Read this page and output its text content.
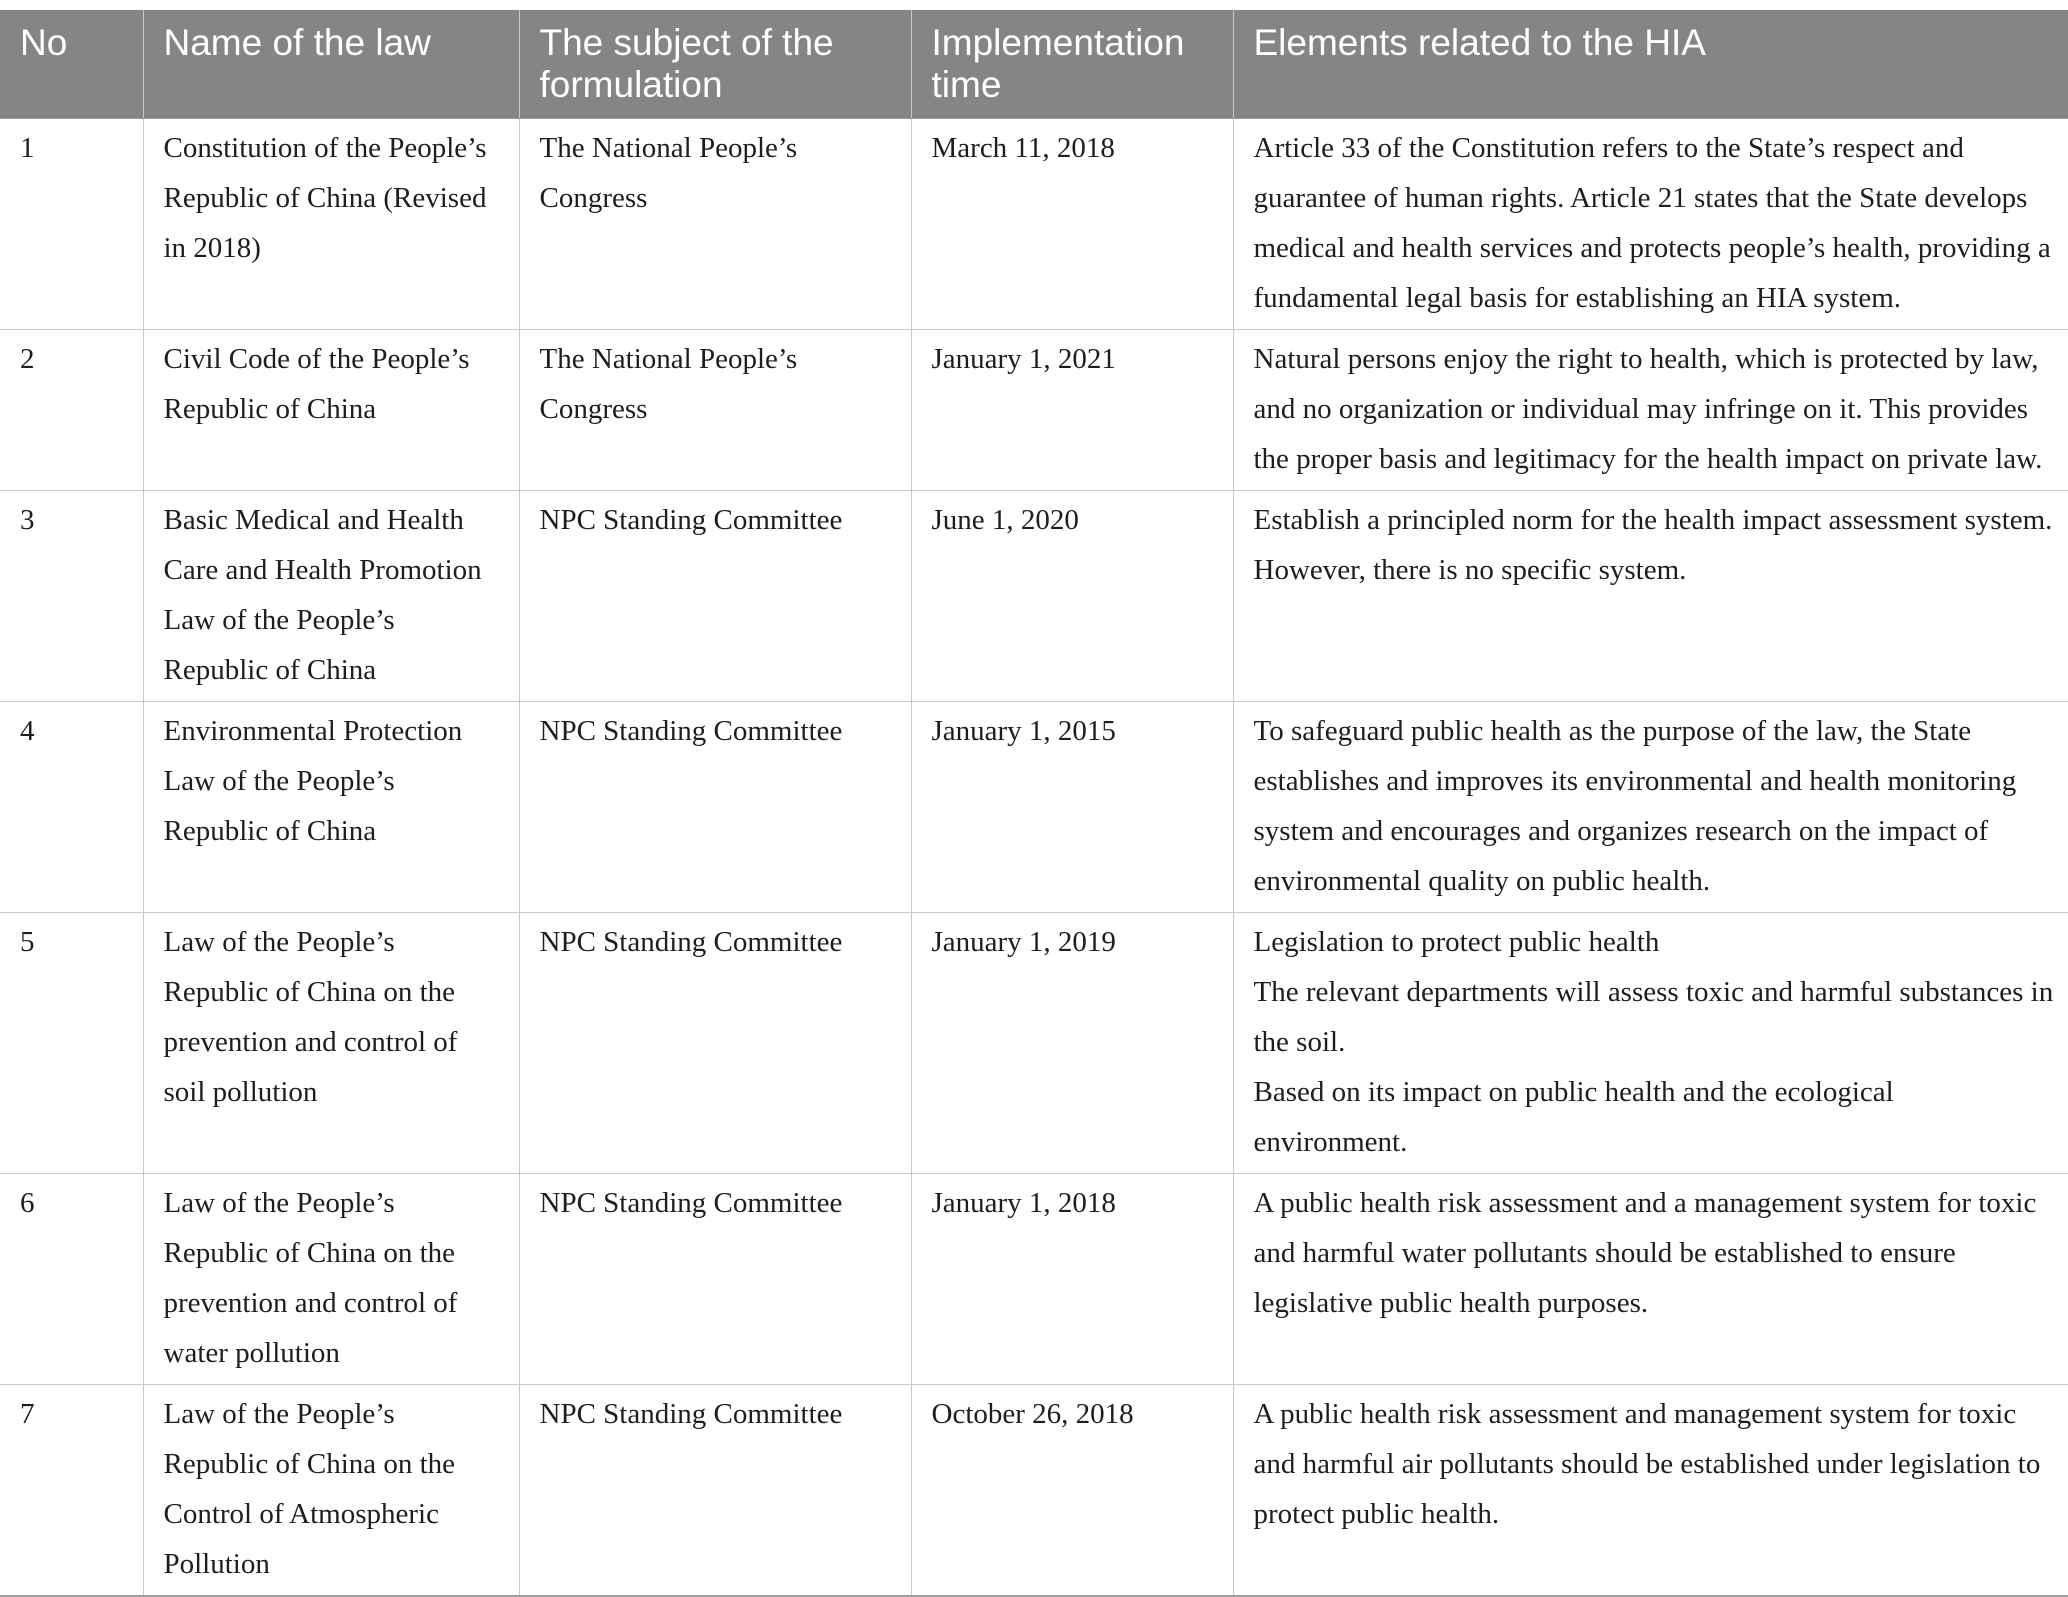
No	Name of the law	The subject of the formulation	Implementation time	Elements related to the HIA
1	Constitution of the People’s Republic of China (Revised in 2018)	The National People’s Congress	March 11, 2018	Article 33 of the Constitution refers to the State’s respect and guarantee of human rights. Article 21 states that the State develops medical and health services and protects people’s health, providing a fundamental legal basis for establishing an HIA system.

2	Civil Code of the People’s Republic of China	The National People’s Congress	January 1, 2021	Natural persons enjoy the right to health, which is protected by law, and no organization or individual may infringe on it. This provides the proper basis and legitimacy for the health impact on private law.

3	Basic Medical and Health Care and Health Promotion Law of the People’s Republic of China	NPC Standing Committee	June 1, 2020	Establish a principled norm for the health impact assessment system. However, there is no specific system.

4	Environmental Protection Law of the People’s Republic of China	NPC Standing Committee	January 1, 2015	To safeguard public health as the purpose of the law, the State establishes and improves its environmental and health monitoring system and encourages and organizes research on the impact of environmental quality on public health.

5	Law of the People’s Republic of China on the prevention and control of soil pollution	NPC Standing Committee	January 1, 2019	Legislation to protect public health
The relevant departments will assess toxic and harmful substances in the soil.
Based on its impact on public health and the ecological environment.

6	Law of the People’s Republic of China on the prevention and control of water pollution	NPC Standing Committee	January 1, 2018	A public health risk assessment and a management system for toxic and harmful water pollutants should be established to ensure legislative public health purposes.

7	Law of the People’s Republic of China on the Control of Atmospheric Pollution	NPC Standing Committee	October 26, 2018	A public health risk assessment and management system for toxic and harmful air pollutants should be established under legislation to protect public health.
